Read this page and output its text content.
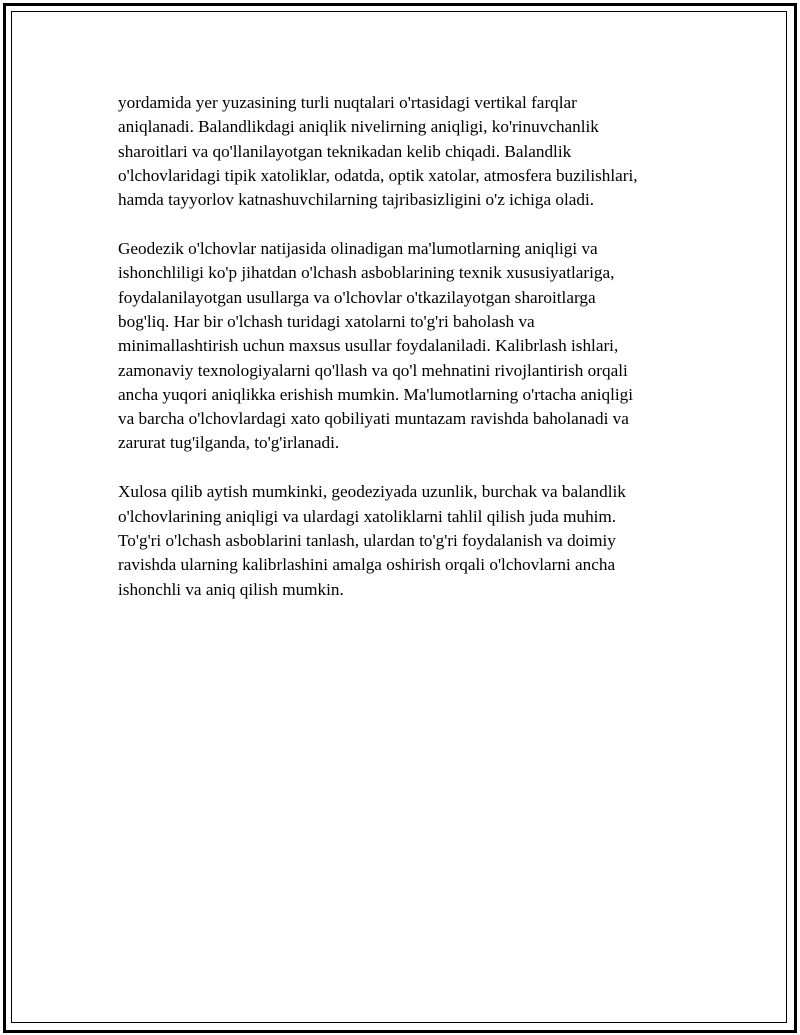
yordamida yer yuzasining turli nuqtalari o'rtasidagi vertikal farqlar
aniqlanadi. Balandlikdagi aniqlik nivelirning aniqligi, ko'rinuvchanlik
sharoitlari va qo'llanilayotgan teknikadan kelib chiqadi. Balandlik
o'lchovlaridagi tipik xatoliklar, odatda, optik xatolar, atmosfera buzilishlari,
hamda tayyorlov katnashuvchilarning tajribasizligini o'z ichiga oladi.

Geodezik o'lchovlar natijasida olinadigan ma'lumotlarning aniqligi va
ishonchliligi ko'p jihatdan o'lchash asboblarining texnik xususiyatlariga,
foydalanilayotgan usullarga va o'lchovlar o'tkazilayotgan sharoitlarga
bog'liq. Har bir o'lchash turidagi xatolarni to'g'ri baholash va
minimallashtirish uchun maxsus usullar foydalaniladi. Kalibrlash ishlari,
zamonaviy texnologiyalarni qo'llash va qo'l mehnatini rivojlantirish orqali
ancha yuqori aniqlikka erishish mumkin. Ma'lumotlarning o'rtacha aniqligi
va barcha o'lchovlardagi xato qobiliyati muntazam ravishda baholanadi va
zarurat tug'ilganda, to'g'irlanadi.

Xulosa qilib aytish mumkinki, geodeziyada uzunlik, burchak va balandlik
o'lchovlarining aniqligi va ulardagi xatoliklarni tahlil qilish juda muhim.
To'g'ri o'lchash asboblarini tanlash, ulardan to'g'ri foydalanish va doimiy
ravishda ularning kalibrlashini amalga oshirish orqali o'lchovlarni ancha
ishonchli va aniq qilish mumkin.
